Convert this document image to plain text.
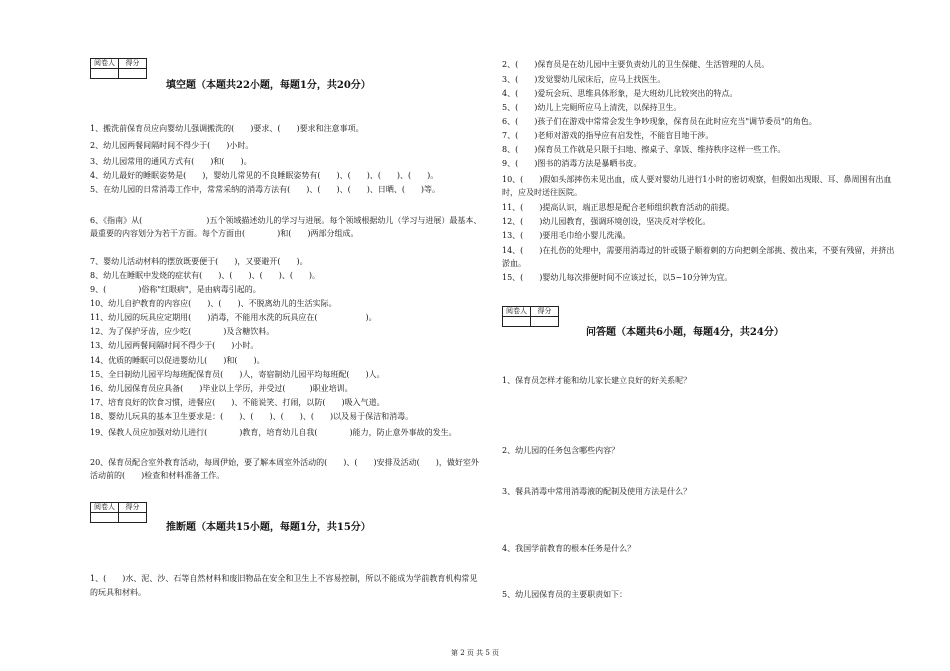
阅卷人	得分

填空题（本题共22小题，每题1分，共20分）
1、搬洗前保育员应向婴幼儿强调搬洗的(　　)要求、(　　)要求和注意事项。
2、幼儿园两餐间隔时间不得少于(　　)小时。
3、幼儿园常用的通风方式有(　　)和(　　)。
4、幼儿最好的睡眠姿势是(　　)，婴幼儿常见的不良睡眠姿势有(　　)、(　　)、(　　)、(　　)。
5、在幼儿园的日常消毒工作中，常常采纳的消毒方法有(　　)、(　　)、(　　)、日晒、(　　)等。
6、《指南》从(　　　　　　　　)五个领域描述幼儿的学习与进展。每个领域根据幼儿（学习与进展）最基本、最重要的内容划分为若干方面。每个方面由(　　　　)和(　　)两部分组成。
7、婴幼儿活动材料的摆放既要便于(　　)，又要避开(　　)。
8、幼儿在睡眠中发烧的症状有(　　)、(　　)、(　　)、(　　)。
9、(　　　　)俗称"红眼病"，是由病毒引起的。
10、幼儿自护教育的内容应(　　)、(　　)、不脱离幼儿的生活实际。
11、幼儿园的玩具应定期用(　　)消毒，不能用水洗的玩具应在(　　　　　　)。
12、为了保护牙齿，应少吃(　　　　)及含糖饮料。
13、幼儿园两餐间隔时间不得少于(　　)小时。
14、优质的睡眠可以促进婴幼儿(　　)和(　　)。
15、全日制幼儿园平均每班配保育员(　　)人，寄宿制幼儿园平均每班配(　　)人。
16、幼儿园保育员应具备(　　)毕业以上学历，并受过(　　　)职业培训。
17、培育良好的饮食习惯，进餐应(　　)、不能说笑、打闹，以防(　　)吸入气道。
18、婴幼儿玩具的基本卫生要求是：(　　)、(　　)、(　　)、(　　)以及易于保洁和消毒。
19、保教人员应加强对幼儿进行(　　　　)教育，培育幼儿自我(　　　　)能力，防止意外事故的发生。
20、保育员配合室外教育活动，每周伊始，要了解本周室外活动的(　　)、(　　)安排及活动(　　)，做好室外活动前的(　　)检查和材料准备工作。
阅卷人	得分

推断题（本题共15小题，每题1分，共15分）
1、(　　)水、泥、沙、石等自然材料和废旧物品在安全和卫生上不容易控制，所以不能成为学前教育机构常见的玩具和材料。
2、(　　)保育员是在幼儿园中主要负责幼儿的卫生保健、生活管理的人员。
3、(　　)发觉婴幼儿尿床后，应马上找医生。
4、(　　)爱玩会玩、思维具体形象，是大班幼儿比较突出的特点。
5、(　　)幼儿上完厕所应马上清洗，以保持卫生。
6、(　　)孩子们在游戏中常常会发生争吵现象，保育员在此时应充当"调节委员"的角色。
7、(　　)老师对游戏的指导应有启发性，不能盲目地干涉。
8、(　　)保育员工作就是只限于扫地、擦桌子、拿饭、维持秩序这样一些工作。
9、(　　)图书的消毒方法是暴晒书皮。
10、(　　)假如头部摔伤未见出血，成人要对婴幼儿进行1小时的密切观察，但假如出现眼、耳、鼻周围有出血时，应及时送往医院。
11、(　　)提高认识，端正思想是配合老师组织教育活动的前提。
12、(　　)幼儿园教育，强调环境创设，坚决反对学校化。
13、(　　)要用毛巾给小婴儿洗澡。
14、(　　)在扎伤的处理中，需要用消毒过的针或镊子顺着刺的方向把刺全部挑、拨出来，不要有残留，并挤出淤血。
15、(　　)婴幼儿每次排便时间不应该过长，以5~10分钟为宜。
阅卷人	得分

问答题（本题共6小题，每题4分，共24分）
1、保育员怎样才能和幼儿家长建立良好的好关系呢？
2、幼儿园的任务包含哪些内容？
3、餐具消毒中常用消毒液的配制及使用方法是什么？
4、我国学前教育的根本任务是什么？
5、幼儿园保育员的主要职责如下：
第 2 页 共 5 页
